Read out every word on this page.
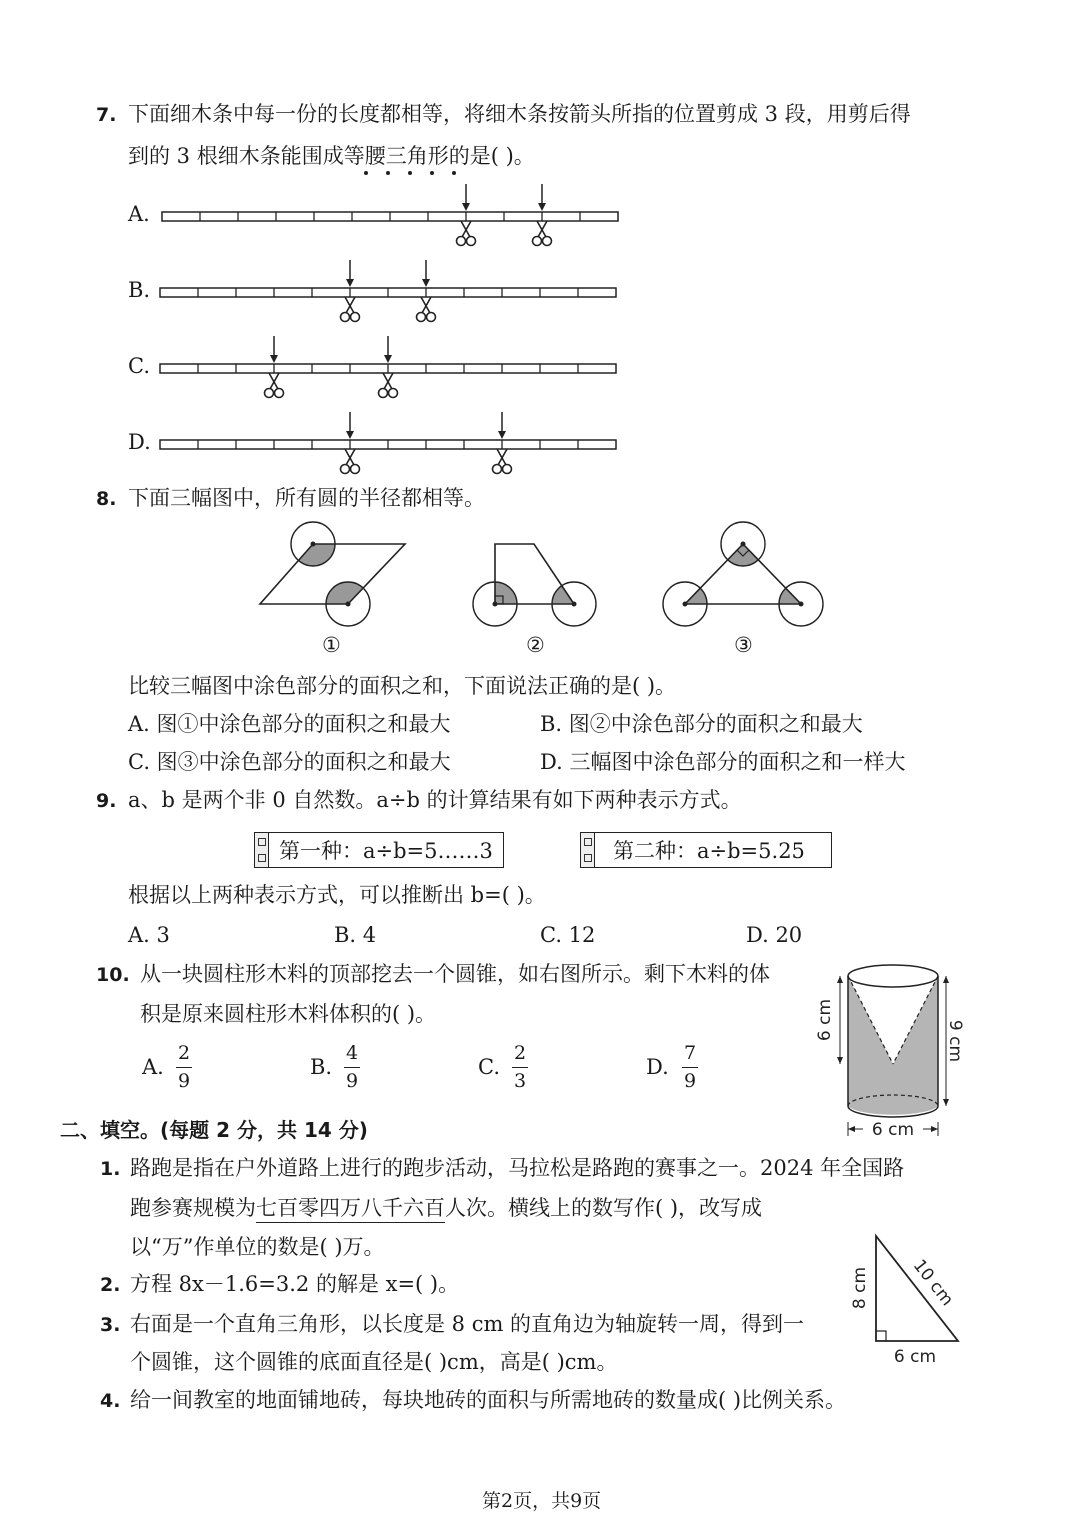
7. 下面细木条中每一份的长度都相等，将细木条按箭头所指的位置剪成 3 段，用剪后得
到的 3 根细木条能围成等腰三角形的是( )。
A.
B.
C.
D.
8. 下面三幅图中，所有圆的半径都相等。
①	②	③
比较三幅图中涂色部分的面积之和，下面说法正确的是( )。
A. 图①中涂色部分的面积之和最大	B. 图②中涂色部分的面积之和最大
C. 图③中涂色部分的面积之和最大	D. 三幅图中涂色部分的面积之和一样大
9. a、b 是两个非 0 自然数。a÷b 的计算结果有如下两种表示方式。
第一种：a÷b=5……3	第二种：a÷b=5.25
根据以上两种表示方式，可以推断出 b=( )。
A. 3	B. 4	C. 12	D. 20
10. 从一块圆柱形木料的顶部挖去一个圆锥，如右图所示。剩下木料的体
积是原来圆柱形木料体积的( )。
A.
2
9
B.
4
9
C.
2
3
D.
7
9
6 cm	9 cm
6 cm
二、填空。(每题 2 分，共 14 分)
1. 路跑是指在户外道路上进行的跑步活动，马拉松是路跑的赛事之一。2024 年全国路
跑参赛规模为七百零四万八千六百人次。横线上的数写作( )，改写成
以“万”作单位的数是( )万。
2. 方程 8x－1.6=3.2 的解是 x=( )。
3. 右面是一个直角三角形，以长度是 8 cm 的直角边为轴旋转一周，得到一
个圆锥，这个圆锥的底面直径是( )cm，高是( )cm。
8 cm 10 cm
6 cm
4. 给一间教室的地面铺地砖，每块地砖的面积与所需地砖的数量成( )比例关系。
第2页，共9页
